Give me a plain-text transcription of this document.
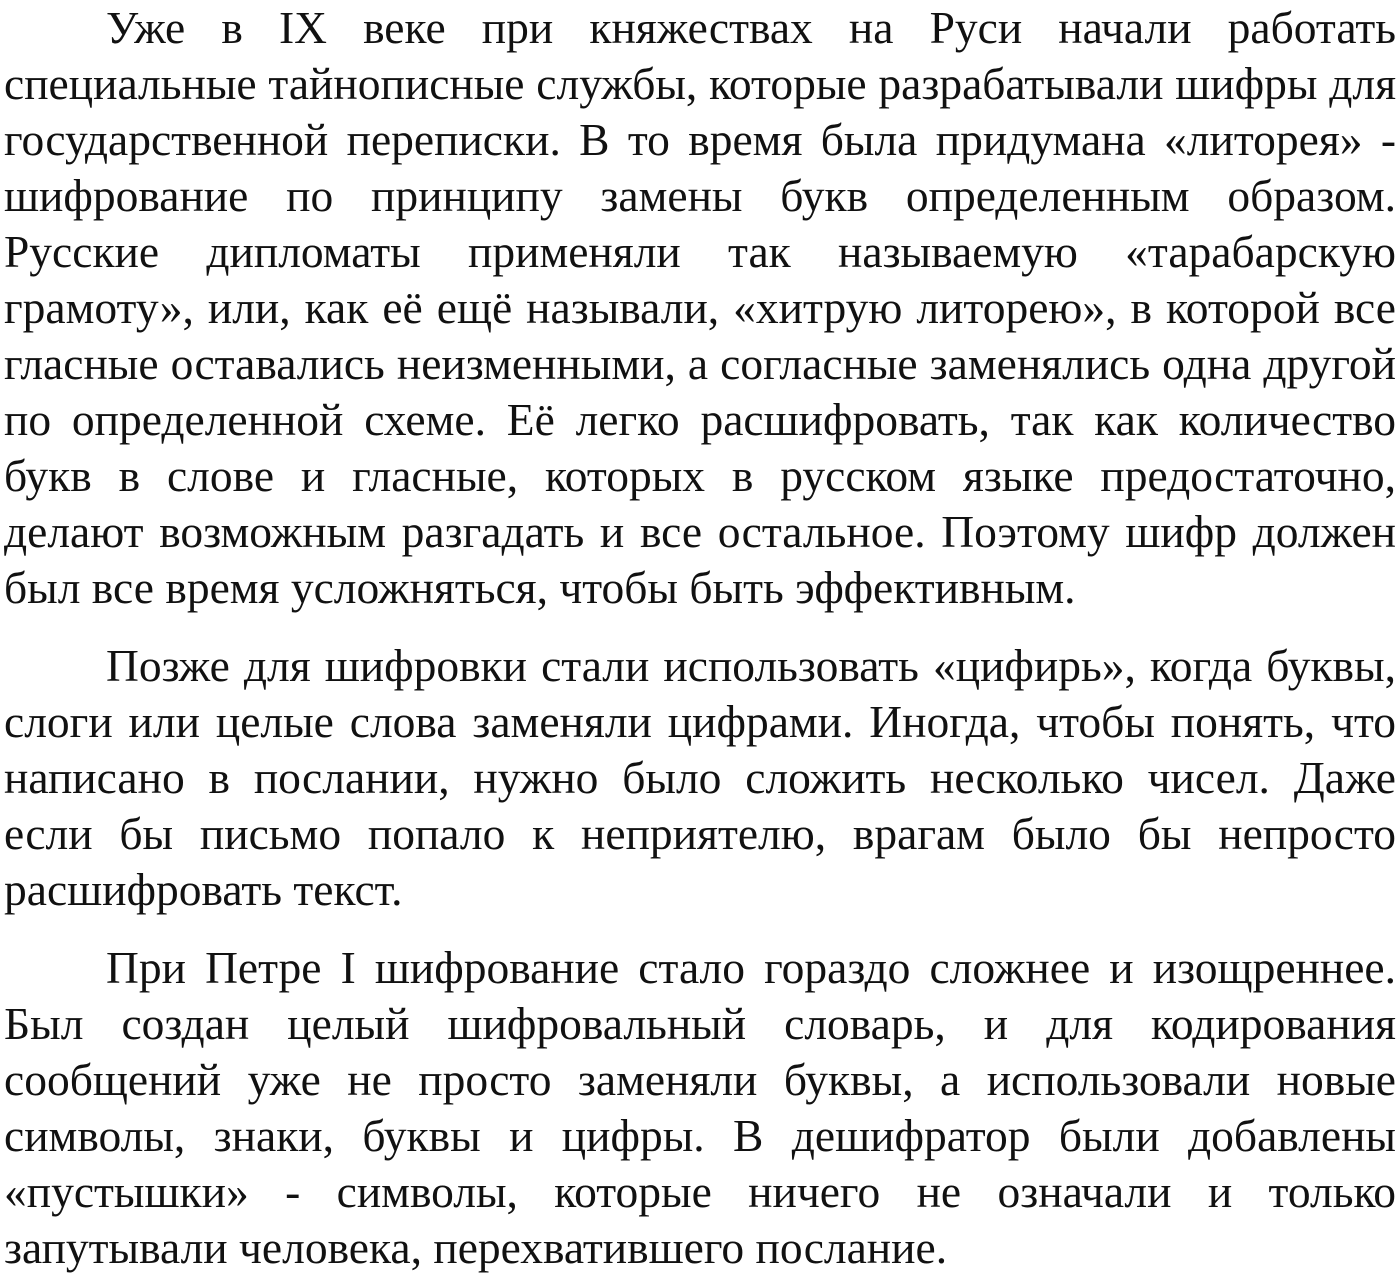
Уже в IX веке при княжествах на Руси начали работать специальные тайнописные службы, которые разрабатывали шифры для государственной переписки. В то время была придумана «литорея» - шифрование по принципу замены букв определенным образом. Русские дипломаты применяли так называемую «тарабарскую грамоту», или, как её ещё называли, «хитрую литорею», в которой все гласные оставались неизменными, а согласные заменялись одна другой по определенной схеме. Её легко расшифровать, так как количество букв в слове и гласные, которых в русском языке предостаточно, делают возможным разгадать и все остальное. Поэтому шифр должен был все время усложняться, чтобы быть эффективным.

Позже для шифровки стали использовать «цифирь», когда буквы, слоги или целые слова заменяли цифрами. Иногда, чтобы понять, что написано в послании, нужно было сложить несколько чисел. Даже если бы письмо попало к неприятелю, врагам было бы непросто расшифровать текст.

При Петре I шифрование стало гораздо сложнее и изощреннее. Был создан целый шифровальный словарь, и для кодирования сообщений уже не просто заменяли буквы, а использовали новые символы, знаки, буквы и цифры. В дешифратор были добавлены «пустышки» - символы, которые ничего не означали и только запутывали человека, перехватившего послание.
